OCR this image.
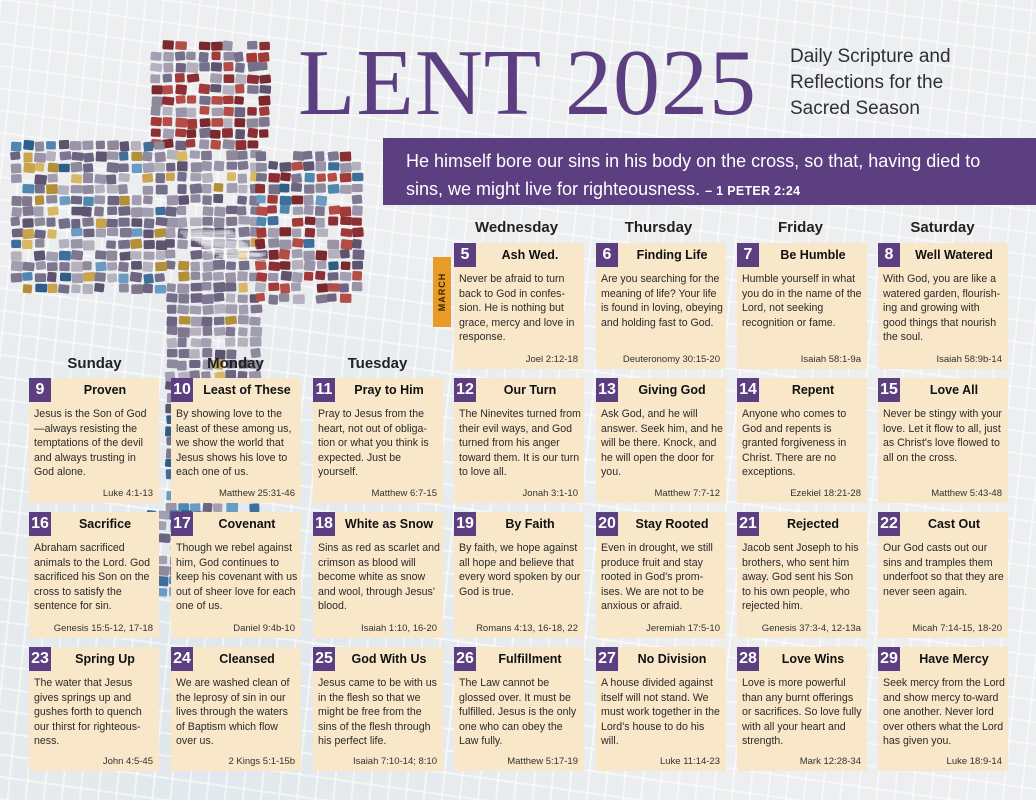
LENT 2025 Daily Scripture and
Reflections for the
Sacred Season
He himself bore our sins in his body on the cross, so that, having died to sins, we might live for righteousness. – 1 PETER 2:24
Wednesday	Thursday	Friday	Saturday
Sunday	Monday	Tuesday
MARCH
5	Ash Wed.
Never be afraid to turn back to God in confes-sion. He is nothing but grace, mercy and love in response.
Joel 2:12-18
6	Finding Life
Are you searching for the meaning of life? Your life is found in loving, obeying and holding fast to God.
Deuteronomy 30:15-20
7	Be Humble
Humble yourself in what you do in the name of the Lord, not seeking recognition or fame.
Isaiah 58:1-9a
8	Well Watered
With God, you are like a watered garden, flourish-ing and growing with good things that nourish the soul.
Isaiah 58:9b-14
9	Proven
Jesus is the Son of God—always resisting the temptations of the devil and always trusting in God alone.
Luke 4:1-13
10 Least of These
By showing love to the least of these among us, we show the world that Jesus shows his love to each one of us.
Matthew 25:31-46
11	Pray to Him
Pray to Jesus from the heart, not out of obliga-tion or what you think is expected. Just be yourself.
Matthew 6:7-15
12	Our Turn
The Ninevites turned from their evil ways, and God turned from his anger toward them. It is our turn to love all.
Jonah 3:1-10
13	Giving God
Ask God, and he will answer. Seek him, and he will be there. Knock, and he will open the door for you.
Matthew 7:7-12
14	Repent
Anyone who comes to God and repents is granted forgiveness in Christ. There are no exceptions.
Ezekiel 18:21-28
15	Love All
Never be stingy with your love. Let it flow to all, just as Christ's love flowed to all on the cross.
Matthew 5:43-48
16	Sacrifice
Abraham sacrificed animals to the Lord. God sacrificed his Son on the cross to satisfy the sentence for sin.
Genesis 15:5-12, 17-18
17	Covenant
Though we rebel against him, God continues to keep his covenant with us out of sheer love for each one of us.
Daniel 9:4b-10
18 White as Snow
Sins as red as scarlet and crimson as blood will become white as snow and wool, through Jesus' blood.
Isaiah 1:10, 16-20
19	By Faith
By faith, we hope against all hope and believe that every word spoken by our God is true.
Romans 4:13, 16-18, 22
20	Stay Rooted
Even in drought, we still produce fruit and stay rooted in God's prom-ises. We are not to be anxious or afraid.
Jeremiah 17:5-10
21	Rejected
Jacob sent Joseph to his brothers, who sent him away. God sent his Son to his own people, who rejected him.
Genesis 37:3-4, 12-13a
22	Cast Out
Our God casts out our sins and tramples them underfoot so that they are never seen again.
Micah 7:14-15, 18-20
23	Spring Up
The water that Jesus gives springs up and gushes forth to quench our thirst for righteous-ness.
John 4:5-45
24	Cleansed
We are washed clean of the leprosy of sin in our lives through the waters of Baptism which flow over us.
2 Kings 5:1-15b
25	God With Us
Jesus came to be with us in the flesh so that we might be free from the sins of the flesh through his perfect life.
Isaiah 7:10-14; 8:10
26	Fulfillment
The Law cannot be glossed over. It must be fulfilled. Jesus is the only one who can obey the Law fully.
Matthew 5:17-19
27	No Division
A house divided against itself will not stand. We must work together in the Lord's house to do his will.
Luke 11:14-23
28	Love Wins
Love is more powerful than any burnt offerings or sacrifices. So love fully with all your heart and strength.
Mark 12:28-34
29	Have Mercy
Seek mercy from the Lord and show mercy to-ward one another. Never lord over others what the Lord has given you.
Luke 18:9-14
